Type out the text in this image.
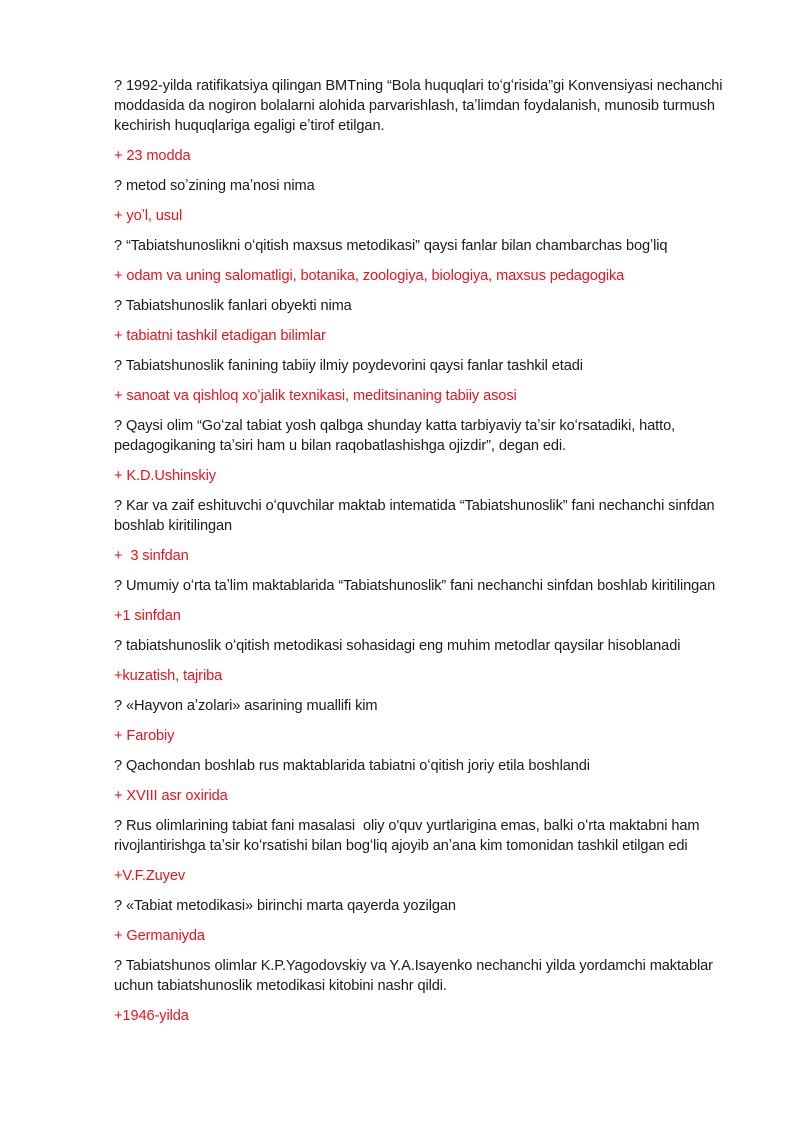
? 1992-yilda ratifikatsiya qilingan BMTning “Bola huquqlari toʻgʻrisida”gi Konvensiyasi nechanchi moddasida da nogiron bolalarni alohida parvarishlash, taʼlimdan foydalanish, munosib turmush kechirish huquqlariga egaligi eʼtirof etilgan.

+ 23 modda

? metod soʼzining maʼnosi nima

+ yoʼl, usul

? “Tabiatshunoslikni oʻqitish maxsus metodikasi” qaysi fanlar bilan chambarchas bogʼliq

+ odam va uning salomatligi, botanika, zoologiya, biologiya, maxsus pedagogika

? Tabiatshunoslik fanlari obyekti nima

+ tabiatni tashkil etadigan bilimlar

? Tabiatshunoslik fanining tabiiy ilmiy poydevorini qaysi fanlar tashkil etadi

+ sanoat va qishloq xoʻjalik texnikasi, meditsinaning tabiiy asosi

? Qaysi olim “Goʻzal tabiat yosh qalbga shunday katta tarbiyaviy taʼsir koʻrsatadiki, hatto, pedagogikaning taʼsiri ham u bilan raqobatlashishga ojizdir”, degan edi.

+ K.D.Ushinskiy

? Kar va zaif eshituvchi oʻquvchilar maktab intematida “Tabiatshunoslik” fani nechanchi sinfdan boshlab kiritilingan

+  3 sinfdan

? Umumiy oʻrta taʼlim maktablarida “Tabiatshunoslik” fani nechanchi sinfdan boshlab kiritilingan

+1 sinfdan

? tabiatshunoslik oʻqitish metodikasi sohasidagi eng muhim metodlar qaysilar hisoblanadi

+kuzatish, tajriba

? «Hayvon aʼzolari» asarining muallifi kim

+ Farobiy

? Qachondan boshlab rus maktablarida tabiatni oʻqitish joriy etila boshlandi

+ XVIII asr oxirida

? Rus olimlarining tabiat fani masalasi  oliy o'quv yurtlarigina emas, balki oʻrta maktabni ham rivojlantirishga taʼsir koʻrsatishi bilan bogʻliq ajoyib anʼana kim tomonidan tashkil etilgan edi

+V.F.Zuyev

? «Tabiat metodikasi» birinchi marta qayerda yozilgan

+ Germaniyda

? Tabiatshunos olimlar K.P.Yagodovskiy va Y.A.Isayenko nechanchi yilda yordamchi maktablar uchun tabiatshunoslik metodikasi kitobini nashr qildi.

+1946-yilda
